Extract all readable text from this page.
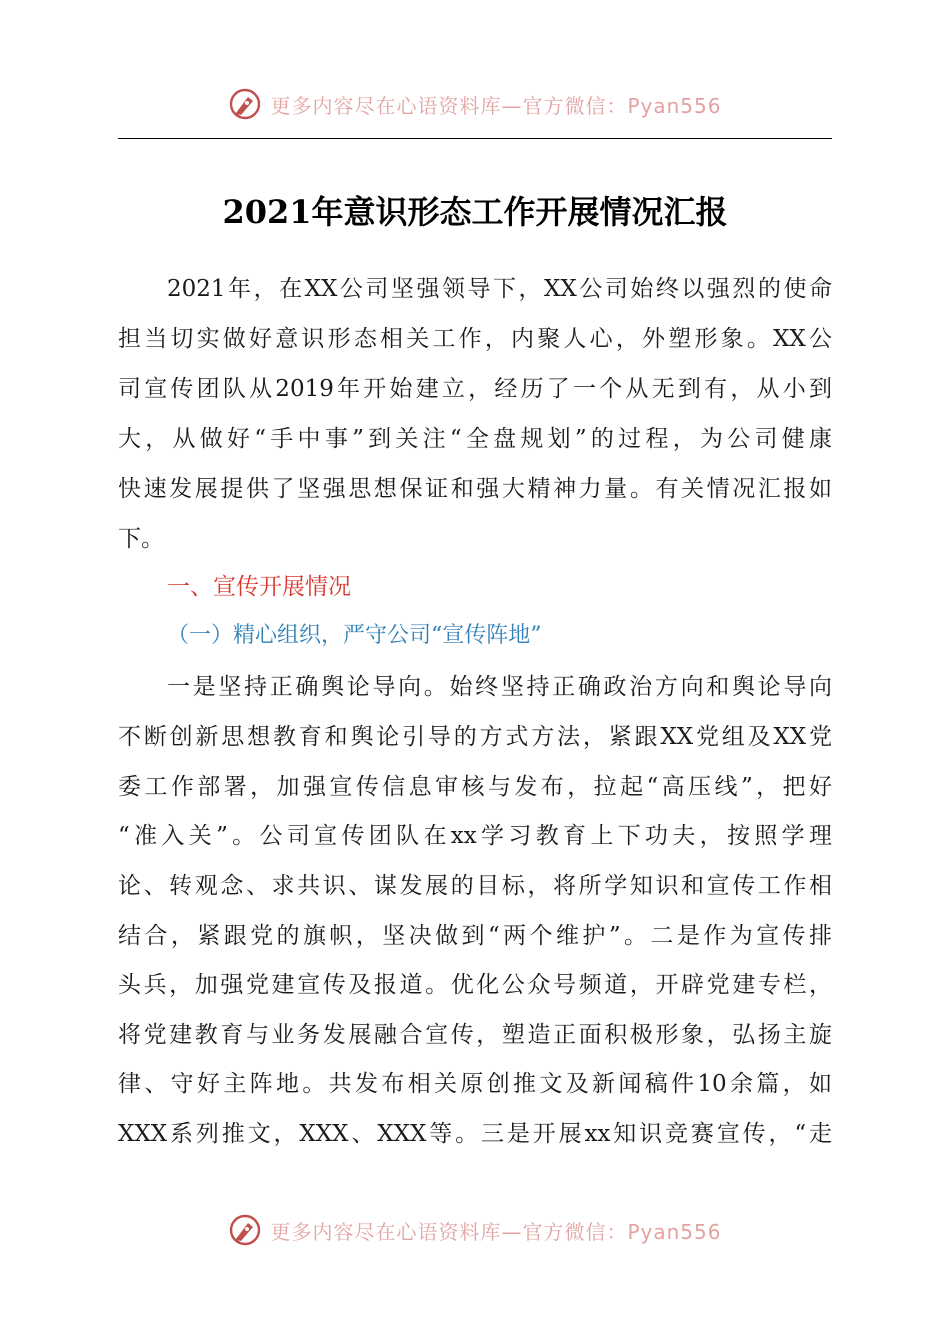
更多内容尽在心语资料库—官方微信：Pyan556
2021年意识形态工作开展情况汇报
2021年，在XX公司坚强领导下，XX公司始终以强烈的使命
担当切实做好意识形态相关工作，内聚人心，外塑形象。XX公
司宣传团队从2019年开始建立，经历了一个从无到有，从小到
大，从做好“手中事”到关注“全盘规划”的过程，为公司健康
快速发展提供了坚强思想保证和强大精神力量。有关情况汇报如
下。
一、宣传开展情况
（一）精心组织，严守公司“宣传阵地”
一是坚持正确舆论导向。始终坚持正确政治方向和舆论导向
不断创新思想教育和舆论引导的方式方法，紧跟XX党组及XX党
委工作部署，加强宣传信息审核与发布，拉起“高压线”，把好
“准入关”。公司宣传团队在xx学习教育上下功夫，按照学理
论、转观念、求共识、谋发展的目标，将所学知识和宣传工作相
结合，紧跟党的旗帜，坚决做到“两个维护”。二是作为宣传排
头兵，加强党建宣传及报道。优化公众号频道，开辟党建专栏，
将党建教育与业务发展融合宣传，塑造正面积极形象，弘扬主旋
律、守好主阵地。共发布相关原创推文及新闻稿件10余篇，如
XXX系列推文，XXX、XXX等。三是开展xx知识竞赛宣传，“走
更多内容尽在心语资料库—官方微信：Pyan556
